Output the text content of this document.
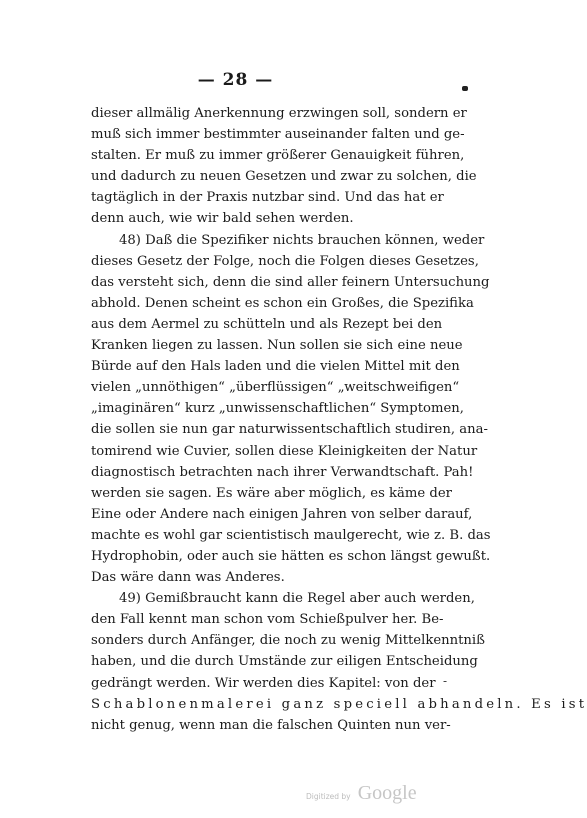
— 28 —
dieser allmälig Anerkennung erzwingen soll, sondern er
muß sich immer bestimmter auseinander falten und ge-
stalten. Er muß zu immer größerer Genauigkeit führen,
und dadurch zu neuen Gesetzen und zwar zu solchen, die
tagtäglich in der Praxis nutzbar sind. Und das hat er
denn auch, wie wir bald sehen werden.
48) Daß die Spezifiker nichts brauchen können, weder
dieses Gesetz der Folge, noch die Folgen dieses Gesetzes,
das versteht sich, denn die sind aller feinern Untersuchung
abhold. Denen scheint es schon ein Großes, die Spezifika
aus dem Aermel zu schütteln und als Rezept bei den
Kranken liegen zu lassen. Nun sollen sie sich eine neue
Bürde auf den Hals laden und die vielen Mittel mit den
vielen „unnöthigen“ „überflüssigen“ „weitschweifigen“
„imaginären“ kurz „unwissenschaftlichen“ Symptomen,
die sollen sie nun gar naturwissentschaftlich studiren, ana-
tomirend wie Cuvier, sollen diese Kleinigkeiten der Natur
diagnostisch betrachten nach ihrer Verwandtschaft. Pah!
werden sie sagen. Es wäre aber möglich, es käme der
Eine oder Andere nach einigen Jahren von selber darauf,
machte es wohl gar scientistisch maulgerecht, wie z. B. das
Hydrophobin, oder auch sie hätten es schon längst gewußt.
Das wäre dann was Anderes.
49) Gemißbraucht kann die Regel aber auch werden,
den Fall kennt man schon vom Schießpulver her. Be-
sonders durch Anfänger, die noch zu wenig Mittelkenntniß
haben, und die durch Umstände zur eiligen Entscheidung
gedrängt werden. Wir werden dies Kapitel: von der
Schablonenmalerei ganz speciell abhandeln. Es ist
nicht genug, wenn man die falschen Quinten nun ver-
-
Digitized by Google
